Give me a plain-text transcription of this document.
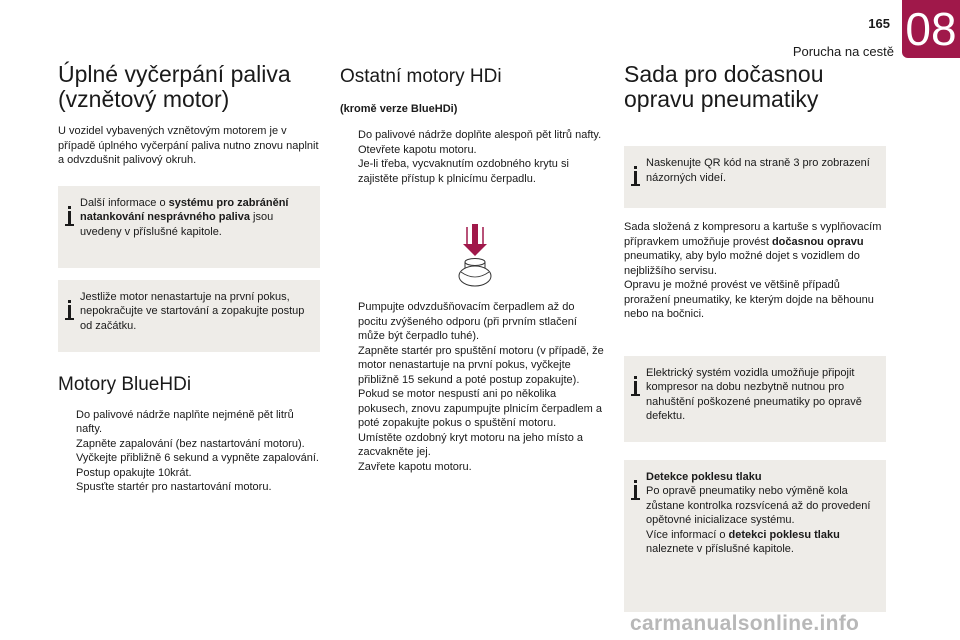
165
Porucha na cestě 08
Úplné vyčerpání paliva
(vznětový motor)

U vozidel vybavených vznětovým motorem je v případě úplného vyčerpání paliva nutno znovu naplnit a odvzdušnit palivový okruh.

Další informace o systému pro zabránění natankování nesprávného paliva jsou uvedeny v příslušné kapitole.
Jestliže motor nenastartuje na první pokus, nepokračujte ve startování a zopakujte postup od začátku.
Motory BlueHDi
Do palivové nádrže naplňte nejméně pět litrů nafty.
Zapněte zapalování (bez nastartování motoru).
Vyčkejte přibližně 6 sekund a vypněte zapalování.
Postup opakujte 10krát.
Spusťte startér pro nastartování motoru.
Ostatní motory HDi
(kromě verze BlueHDi)
Do palivové nádrže doplňte alespoň pět litrů nafty.
Otevřete kapotu motoru.
Je-li třeba, vycvaknutím ozdobného krytu si zajistěte přístup k plnicímu čerpadlu.
Pumpujte odvzdušňovacím čerpadlem až do pocitu zvýšeného odporu (při prvním stlačení může být čerpadlo tuhé).
Zapněte startér pro spuštění motoru (v případě, že motor nenastartuje na první pokus, vyčkejte přibližně 15 sekund a poté postup zopakujte).
Pokud se motor nespustí ani po několika pokusech, znovu zapumpujte plnicím čerpadlem a poté zopakujte pokus o spuštění motoru.
Umístěte ozdobný kryt motoru na jeho místo a zacvakněte jej.
Zavřete kapotu motoru.
Sada pro dočasnou
opravu pneumatiky
Naskenujte QR kód na straně 3 pro zobrazení názorných videí.

Sada složená z kompresoru a kartuše s vyplňovacím přípravkem umožňuje provést dočasnou opravu pneumatiky, aby bylo možné dojet s vozidlem do nejbližšího servisu.

Opravu je možné provést ve většině případů proražení pneumatiky, ke kterým dojde na běhounu nebo na bočnici.

Elektrický systém vozidla umožňuje připojit kompresor na dobu nezbytně nutnou pro nahuštění poškozené pneumatiky po opravě defektu.
Detekce poklesu tlaku
Po opravě pneumatiky nebo výměně kola zůstane kontrolka rozsvícená až do provedení opětovné inicializace systému.
Více informací o detekci poklesu tlaku naleznete v příslušné kapitole.
carmanualsonline.info
